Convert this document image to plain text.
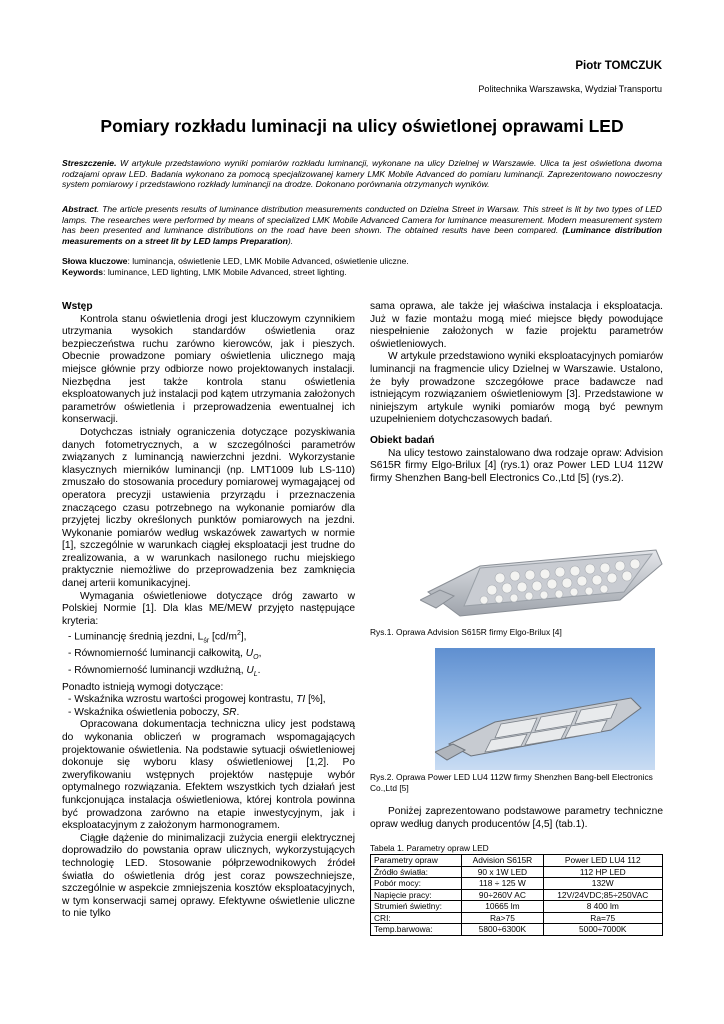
Piotr TOMCZUK
Politechnika Warszawska, Wydział Transportu
Pomiary rozkładu luminacji na ulicy oświetlonej oprawami LED
Streszczenie. W artykule przedstawiono wyniki pomiarów rozkładu luminancji, wykonane na ulicy Dzielnej w Warszawie. Ulica ta jest oświetlona dwoma rodzajami opraw LED. Badania wykonano za pomocą specjalizowanej kamery LMK Mobile Advanced do pomiaru luminancji. Zaprezentowano nowoczesny system pomiarowy i przedstawiono rozkłady luminancji na drodze. Dokonano porównania otrzymanych wyników.
Abstract. The article presents results of luminance distribution measurements conducted on Dzielna Street in Warsaw. This street is lit by two types of LED lamps. The researches were performed by means of specialized LMK Mobile Advanced Camera for luminance measurement. Modern measurement system has been presented and luminance distributions on the road have been shown. The obtained results have been compared. (Luminance distribution measurements on a street lit by LED lamps Preparation).
Słowa kluczowe: luminancja, oświetlenie LED, LMK Mobile Advanced, oświetlenie uliczne.
Keywords: luminance, LED lighting, LMK Mobile Advanced, street lighting.

Wstęp

Kontrola stanu oświetlenia drogi jest kluczowym czynnikiem utrzymania wysokich standardów oświetlenia oraz bezpieczeństwa ruchu zarówno kierowców, jak i pieszych. Obecnie prowadzone pomiary oświetlenia ulicznego mają miejsce głównie przy odbiorze nowo projektowanych instalacji. Niezbędna jest także kontrola stanu oświetlenia eksploatowanych już instalacji pod kątem utrzymania założonych parametrów oświetlenia i przeprowadzenia ewentualnej ich konserwacji.

Dotychczas istniały ograniczenia dotyczące pozyskiwania danych fotometrycznych, a w szczególności parametrów związanych z luminancją nawierzchni jezdni. Wykorzystanie klasycznych mierników luminancji (np. LMT1009 lub LS-110) zmuszało do stosowania procedury pomiarowej wymagającej od operatora precyzji ustawienia przyrządu i przeznaczenia znaczącego czasu potrzebnego na wykonanie pomiarów dla przyjętej liczby określonych punktów pomiarowych na jezdni. Wykonanie pomiarów według wskazówek zawartych w normie [1], szczególnie w warunkach ciągłej eksploatacji jest trudne do zrealizowania, a w warunkach nasilonego ruchu miejskiego praktycznie niemożliwe do przeprowadzenia bez zamknięcia danej arterii komunikacyjnej.

Wymagania oświetleniowe dotyczące dróg zawarto w Polskiej Normie [1]. Dla klas ME/MEW przyjęto następujące kryteria:

- Luminancję średnią jezdni, $L_{śr}$ $[cd/m^2]$,
- Równomierność luminancji całkowitą, $U_O$,
- Równomierność luminancji wzdłużną, $U_L$.

Ponadto istnieją wymogi dotyczące:

- Wskaźnika wzrostu wartości progowej kontrastu, TI [%],
- Wskaźnika oświetlenia poboczy, SR.

Opracowana dokumentacja techniczna ulicy jest podstawą do wykonania obliczeń w programach wspomagających projektowanie oświetlenia. Na podstawie sytuacji oświetleniowej dokonuje się wyboru klasy oświetleniowej [1,2]. Po zweryfikowaniu wstępnych projektów następuje wybór optymalnego rozwiązania. Efektem wszystkich tych działań jest funkcjonująca instalacja oświetleniowa, której kontrola powinna być prowadzona zarówno na etapie inwestycyjnym, jak i eksploatacyjnym z założonym harmonogramem.

Ciągłe dążenie do minimalizacji zużycia energii elektrycznej doprowadziło do powstania opraw ulicznych, wykorzystujących technologię LED. Stosowanie półprzewodnikowych źródeł światła do oświetlenia dróg jest coraz powszechniejsze, szczególnie w aspekcie zmniejszenia kosztów eksploatacyjnych, w tym konserwacji samej oprawy. Efektywne oświetlenie uliczne to nie tylko

sama oprawa, ale także jej właściwa instalacja i eksploatacja. Już w fazie montażu mogą mieć miejsce błędy powodujące niespełnienie założonych w fazie projektu parametrów oświetleniowych.

W artykule przedstawiono wyniki eksploatacyjnych pomiarów luminancji na fragmencie ulicy Dzielnej w Warszawie. Ustalono, że były prowadzone szczegółowe prace badawcze nad istniejącym rozwiązaniem oświetleniowym [3]. Przedstawione w niniejszym artykule wyniki pomiarów mogą być pewnym uzupełnieniem dotychczasowych badań.

Obiekt badań

Na ulicy testowo zainstalowano dwa rodzaje opraw: Advision S615R firmy Elgo-Brilux [4] (rys.1) oraz Power LED LU4 112W firmy Shenzhen Bang-bell Electronics Co.,Ltd [5] (rys.2).

Rys.1. Oprawa Advision S615R firmy Elgo-Brilux [4]
Rys.2. Oprawa Power LED LU4 112W firmy Shenzhen Bang-bell Electronics Co.,Ltd [5]

Poniżej zaprezentowano podstawowe parametry techniczne opraw według danych producentów [4,5] (tab.1).

Tabela 1. Parametry opraw LED
Parametry opraw	Advision S615R	Power LED LU4 112
Źródło światła:	90 x 1W LED	112 HP LED
Pobór mocy:	118 ÷ 125 W	132W
Napięcie pracy:	90÷260V AC	12V/24VDC;85÷250VAC
Strumień świetlny:	10665 lm	8 400 lm
CRI:	Ra>75	Ra=75
Temp.barwowa:	5800÷6300K	5000÷7000K
